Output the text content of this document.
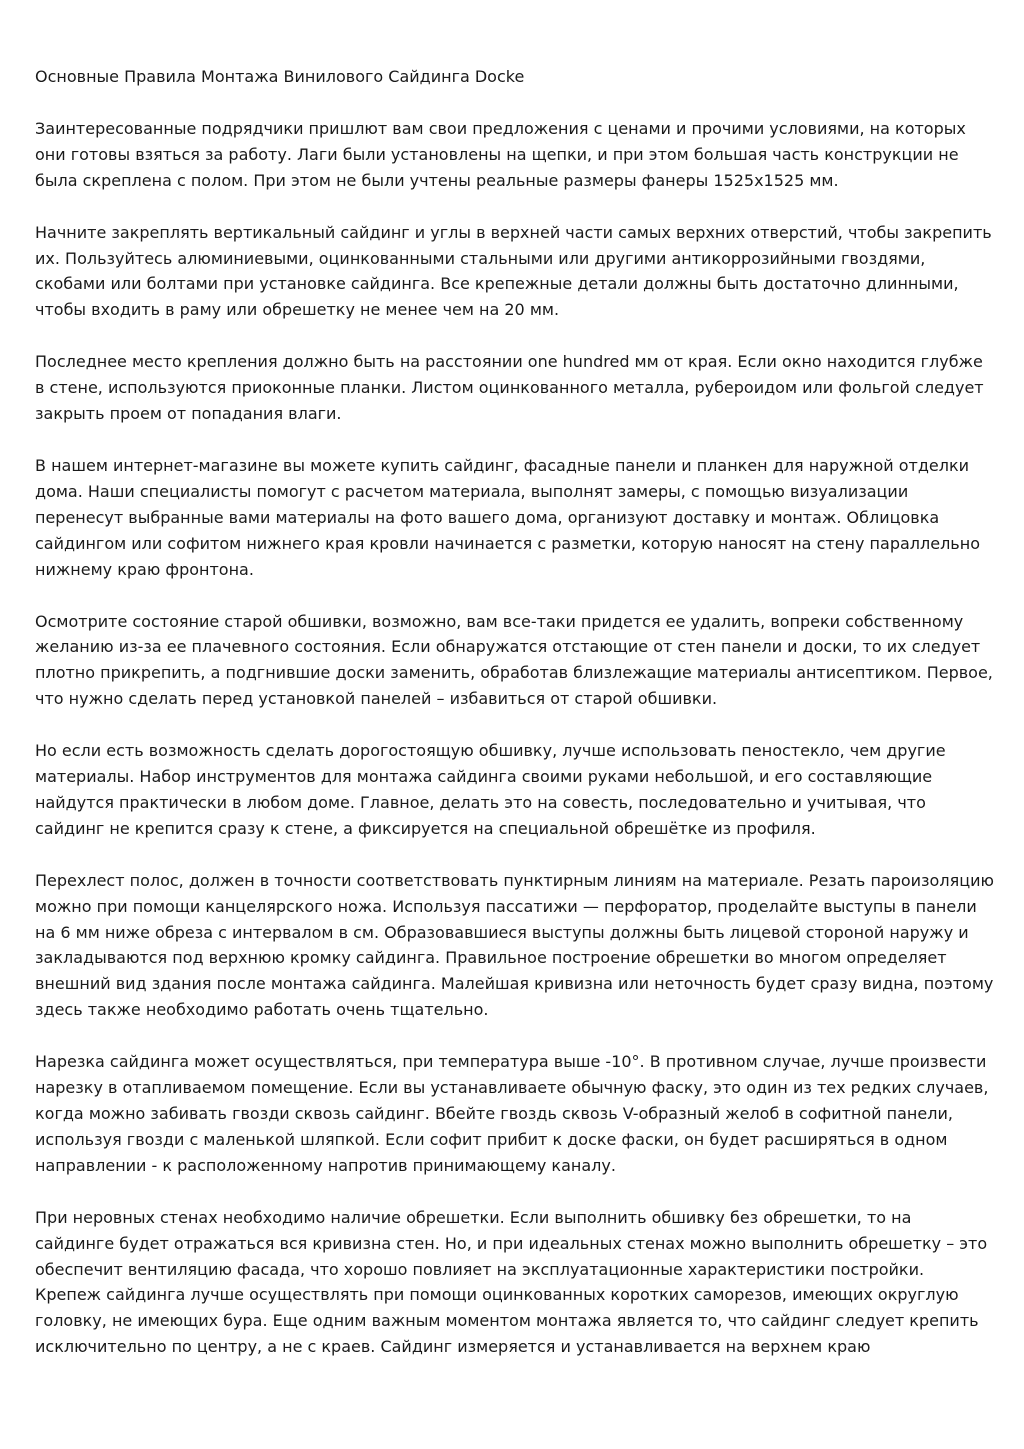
Основные Правила Монтажа Винилового Сайдинга Docke

Заинтересованные подрядчики пришлют вам свои предложения с ценами и прочими условиями, на которых они готовы взяться за работу. Лаги были установлены на щепки, и при этом большая часть конструкции не была скреплена с полом. При этом не были учтены реальные размеры фанеры 1525х1525 мм.

Начните закреплять вертикальный сайдинг и углы в верхней части самых верхних отверстий, чтобы закрепить их. Пользуйтесь алюминиевыми, оцинкованными стальными или другими антикоррозийными гвоздями, скобами или болтами при установке сайдинга. Все крепежные детали должны быть достаточно длинными, чтобы входить в раму или обрешетку не менее чем на 20 мм.

Последнее место крепления должно быть на расстоянии one hundred мм от края. Если окно находится глубже в стене, используются приоконные планки. Листом оцинкованного металла, рубероидом или фольгой следует закрыть проем от попадания влаги.

В нашем интернет-магазине вы можете купить сайдинг, фасадные панели и планкен для наружной отделки дома. Наши специалисты помогут с расчетом материала, выполнят замеры, с помощью визуализации перенесут выбранные вами материалы на фото вашего дома, организуют доставку и монтаж. Облицовка сайдингом или софитом нижнего края кровли начинается с разметки, которую наносят на стену параллельно нижнему краю фронтона.

Осмотрите состояние старой обшивки, возможно, вам все-таки придется ее удалить, вопреки собственному желанию из-за ее плачевного состояния. Если обнаружатся отстающие от стен панели и доски, то их следует плотно прикрепить, а подгнившие доски заменить, обработав близлежащие материалы антисептиком. Первое, что нужно сделать перед установкой панелей – избавиться от старой обшивки.

Но если есть возможность сделать дорогостоящую обшивку, лучше использовать пеностекло, чем другие материалы. Набор инструментов для монтажа сайдинга своими руками небольшой, и его составляющие найдутся практически в любом доме. Главное, делать это на совесть, последовательно и учитывая, что сайдинг не крепится сразу к стене, а фиксируется на специальной обрешётке из профиля.

Перехлест полос, должен в точности соответствовать пунктирным линиям на материале. Резать пароизоляцию можно при помощи канцелярского ножа. Используя пассатижи — перфоратор, проделайте выступы в панели на 6 мм ниже обреза с интервалом в см. Образовавшиеся выступы должны быть лицевой стороной наружу и закладываются под верхнюю кромку сайдинга. Правильное построение обрешетки во многом определяет внешний вид здания после монтажа сайдинга. Малейшая кривизна или неточность будет сразу видна, поэтому здесь также необходимо работать очень тщательно.

Нарезка сайдинга может осуществляться, при температура выше -10°. В противном случае, лучше произвести нарезку в отапливаемом помещение. Если вы устанавливаете обычную фаску, это один из тех редких случаев, когда можно забивать гвозди сквозь сайдинг. Вбейте гвоздь сквозь V-образный желоб в софитной панели, используя гвозди с маленькой шляпкой. Если софит прибит к доске фаски, он будет расширяться в одном направлении - к расположенному напротив принимающему каналу.

При неровных стенах необходимо наличие обрешетки. Если выполнить обшивку без обрешетки, то на сайдинге будет отражаться вся кривизна стен. Но, и при идеальных стенах можно выполнить обрешетку – это обеспечит вентиляцию фасада, что хорошо повлияет на эксплуатационные характеристики постройки. Крепеж сайдинга лучше осуществлять при помощи оцинкованных коротких саморезов, имеющих округлую головку, не имеющих бура. Еще одним важным моментом монтажа является то, что сайдинг следует крепить исключительно по центру, а не с краев. Сайдинг измеряется и устанавливается на верхнем краю
